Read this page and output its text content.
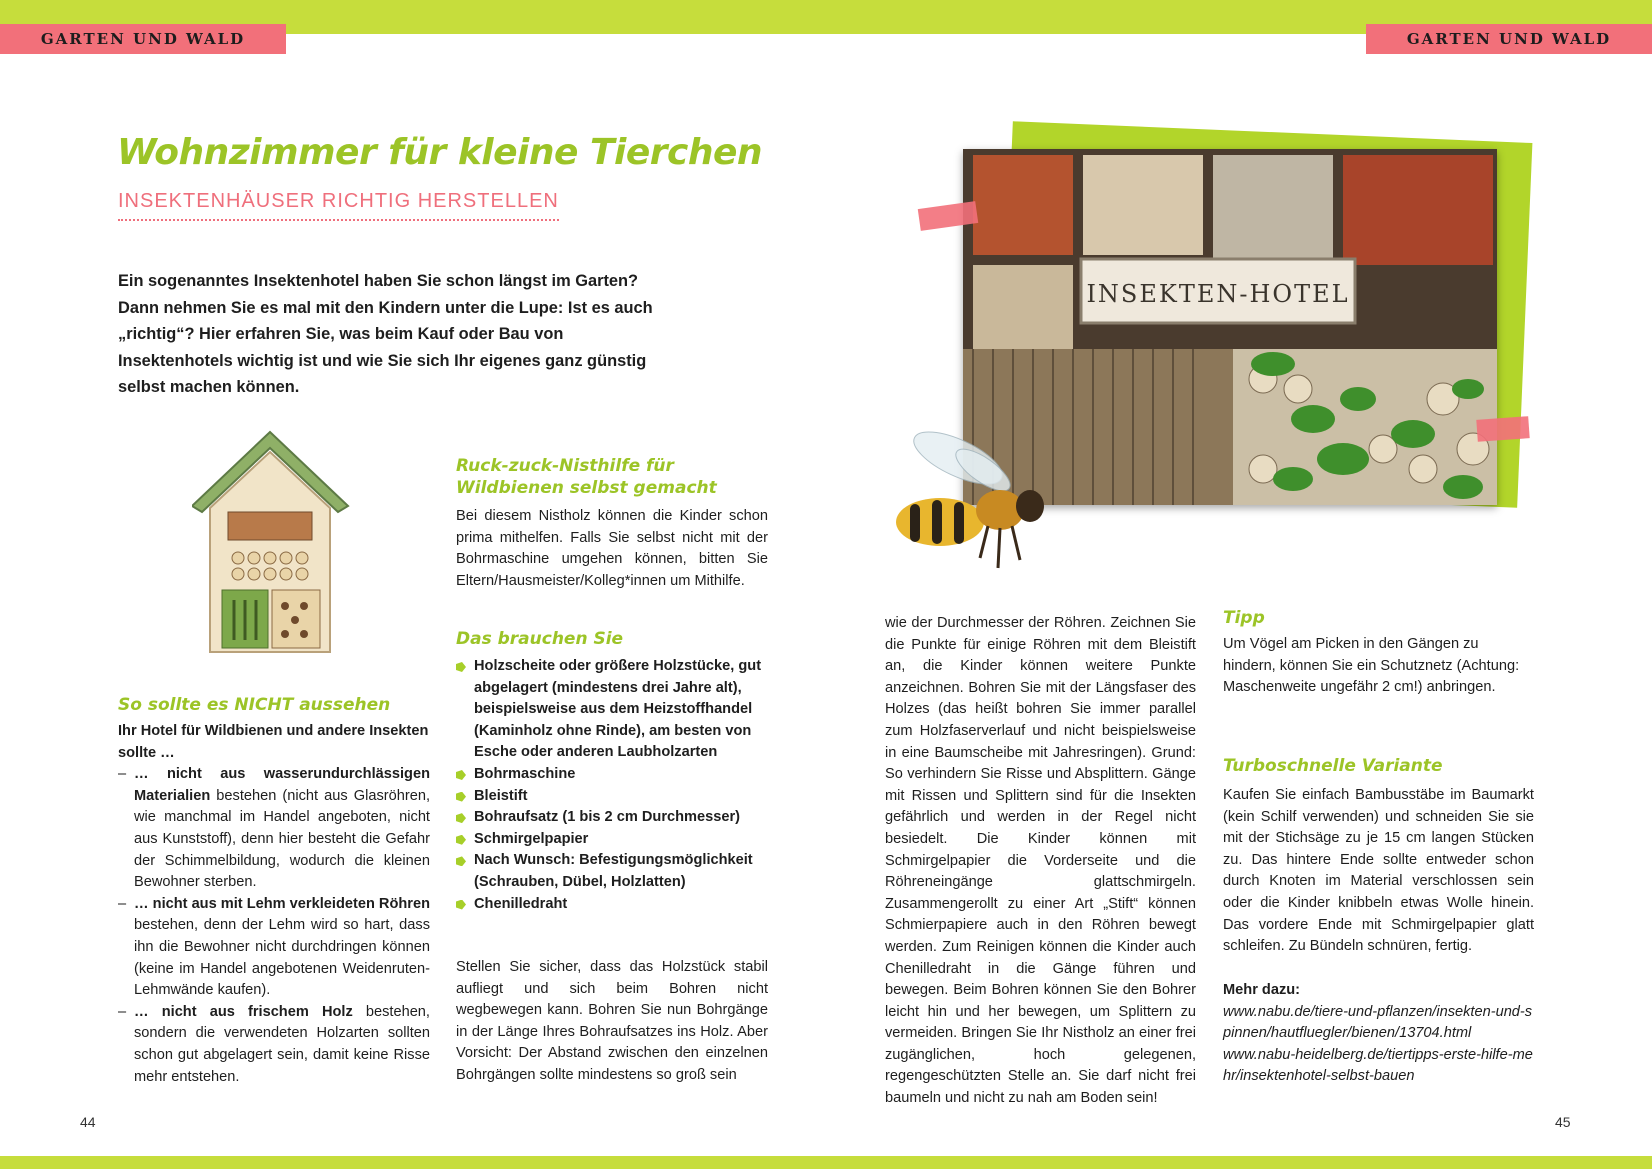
GARTEN UND WALD	GARTEN UND WALD
Wohnzimmer für kleine Tierchen
INSEKTENHÄUSER RICHTIG HERSTELLEN

Ein sogenanntes Insektenhotel haben Sie schon längst im Garten? Dann nehmen Sie es mal mit den Kindern unter die Lupe: Ist es auch „richtig“? Hier erfahren Sie, was beim Kauf oder Bau von Insektenhotels wichtig ist und wie Sie sich Ihr eigenes ganz günstig selbst machen können.

So sollte es NICHT aussehen

Ihr Hotel für Wildbienen und andere Insekten sollte …

– … nicht aus wasserundurchlässigen Materialien bestehen (nicht aus Glasröhren, wie manchmal im Handel angeboten, nicht aus Kunststoff), denn hier besteht die Gefahr der Schimmelbildung, wodurch die kleinen Bewohner sterben.
– … nicht aus mit Lehm verkleideten Röhren bestehen, denn der Lehm wird so hart, dass ihn die Bewohner nicht durchdringen können (keine im Handel angebotenen Weidenruten-Lehmwände kaufen).
– … nicht aus frischem Holz bestehen, sondern die verwendeten Holzarten sollten schon gut abgelagert sein, damit keine Risse mehr entstehen.
Ruck-zuck-Nisthilfe für Wildbienen selbst gemacht

Bei diesem Nistholz können die Kinder schon prima mithelfen. Falls Sie selbst nicht mit der Bohrmaschine umgehen können, bitten Sie Eltern/Hausmeister/Kolleg*innen um Mithilfe.

Das brauchen Sie
Holzscheite oder größere Holzstücke, gut abgelagert (mindestens drei Jahre alt), beispielsweise aus dem Heizstoffhandel (Kaminholz ohne Rinde), am besten von Esche oder anderen Laubholzarten
Bohrmaschine
Bleistift
Bohraufsatz (1 bis 2 cm Durchmesser)
Schmirgelpapier
Nach Wunsch: Befestigungsmöglichkeit (Schrauben, Dübel, Holzlatten)
Chenilledraht

Stellen Sie sicher, dass das Holzstück stabil aufliegt und sich beim Bohren nicht wegbewegen kann. Bohren Sie nun Bohrgänge in der Länge Ihres Bohraufsatzes ins Holz. Aber Vorsicht: Der Abstand zwischen den einzelnen Bohrgängen sollte mindestens so groß sein

INSEKTEN-HOTEL

wie der Durchmesser der Röhren. Zeichnen Sie die Punkte für einige Röhren mit dem Bleistift an, die Kinder können weitere Punkte anzeichnen. Bohren Sie mit der Längsfaser des Holzes (das heißt bohren Sie immer parallel zum Holzfaserverlauf und nicht beispielsweise in eine Baumscheibe mit Jahresringen). Grund: So verhindern Sie Risse und Absplittern. Gänge mit Rissen und Splittern sind für die Insekten gefährlich und werden in der Regel nicht besiedelt. Die Kinder können mit Schmirgelpapier die Vorderseite und die Röhreneingänge glattschmirgeln. Zusammengerollt zu einer Art „Stift“ können Schmierpapiere auch in den Röhren bewegt werden. Zum Reinigen können die Kinder auch Chenilledraht in die Gänge führen und bewegen. Beim Bohren können Sie den Bohrer leicht hin und her bewegen, um Splittern zu vermeiden. Bringen Sie Ihr Nistholz an einer frei zugänglichen, hoch gelegenen, regengeschützten Stelle an. Sie darf nicht frei baumeln und nicht zu nah am Boden sein!

Tipp

Um Vögel am Picken in den Gängen zu hindern, können Sie ein Schutznetz (Achtung: Maschenweite ungefähr 2 cm!) anbringen.

Turboschnelle Variante

Kaufen Sie einfach Bambusstäbe im Baumarkt (kein Schilf verwenden) und schneiden Sie sie mit der Stichsäge zu je 15 cm langen Stücken zu. Das hintere Ende sollte entweder schon durch Knoten im Material verschlossen sein oder die Kinder knibbeln etwas Wolle hinein. Das vordere Ende mit Schmirgelpapier glatt schleifen. Zu Bündeln schnüren, fertig.

Mehr dazu:

www.nabu.de/tiere-und-pflanzen/insekten-und-spinnen/hautfluegler/bienen/13704.html

www.nabu-heidelberg.de/tiertipps-erste-hilfe-mehr/insektenhotel-selbst-bauen

44	45
